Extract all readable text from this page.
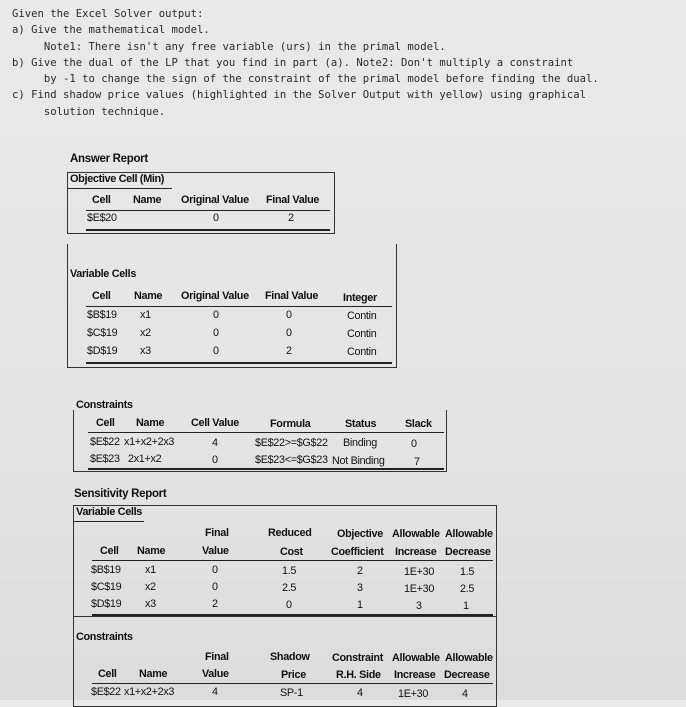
Given the Excel Solver output:
a) Give the mathematical model.
Note1: There isn't any free variable (urs) in the primal model.
b) Give the dual of the LP that you find in part (a). Note2: Don't multiply a constraint
by -1 to change the sign of the constraint of the primal model before finding the dual.
c) Find shadow price values (highlighted in the Solver Output with yellow) using graphical
solution technique.
Answer Report
Objective Cell (Min)
Cell Name Original Value Final Value
$E$20	0	2
Variable Cells
Cell Name Original Value Final Value Integer
$B$19 x1	0	0	Contin
$C$19 x2	0	0	Contin
$D$19 x3	0	2	Contin
Constraints
Cell Name Cell Value	Formula	Status	Slack
$E$22 x1+x2+2x3	4	$E$22>=$G$22 Binding	0
$E$23 2x1+x2	0	$E$23<=$G$23 Not Binding	7
Sensitivity Report
Variable Cells
Final	Reduced Objective Allowable Allowable
Cell Name	Value	Cost	Coefficient Increase Decrease
$B$19 x1	0	1.5	2	1E+30 1.5
$C$19 x2	0	2.5	3	1E+30 2.5
$D$19 x3	2	0	1	3	1
Constraints
Final	Shadow Constraint Allowable Allowable
Cell Name	Value	Price	R.H. Side Increase Decrease
$E$22 x1+x2+2x3	4	SP-1	4	1E+30	4
